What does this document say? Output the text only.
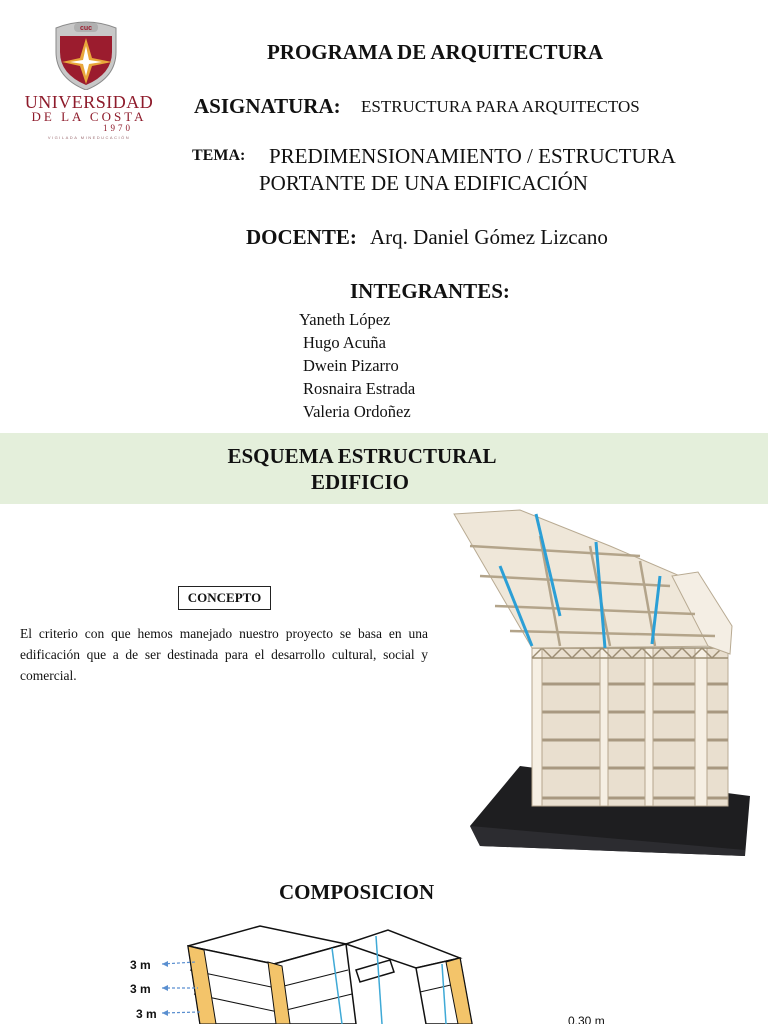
cuc
UNIVERSIDAD
DE LA COSTA
1970
VIGILADA MINEDUCACIÓN
PROGRAMA DE ARQUITECTURA
ASIGNATURA: ESTRUCTURA PARA ARQUITECTOS
TEMA: PREDIMENSIONAMIENTO / ESTRUCTURA
PORTANTE DE UNA EDIFICACIÓN
DOCENTE: Arq. Daniel Gómez Lizcano
INTEGRANTES:
Yaneth López
Hugo Acuña
Dwein Pizarro
Rosnaira Estrada
Valeria Ordoñez
ESQUEMA ESTRUCTURAL
EDIFICIO
CONCEPTO
El criterio con que hemos manejado nuestro proyecto se basa en una edificación que a de ser destinada para el desarrollo cultural, social y comercial.
COMPOSICION
3 m
3 m
3 m	0.30 m
